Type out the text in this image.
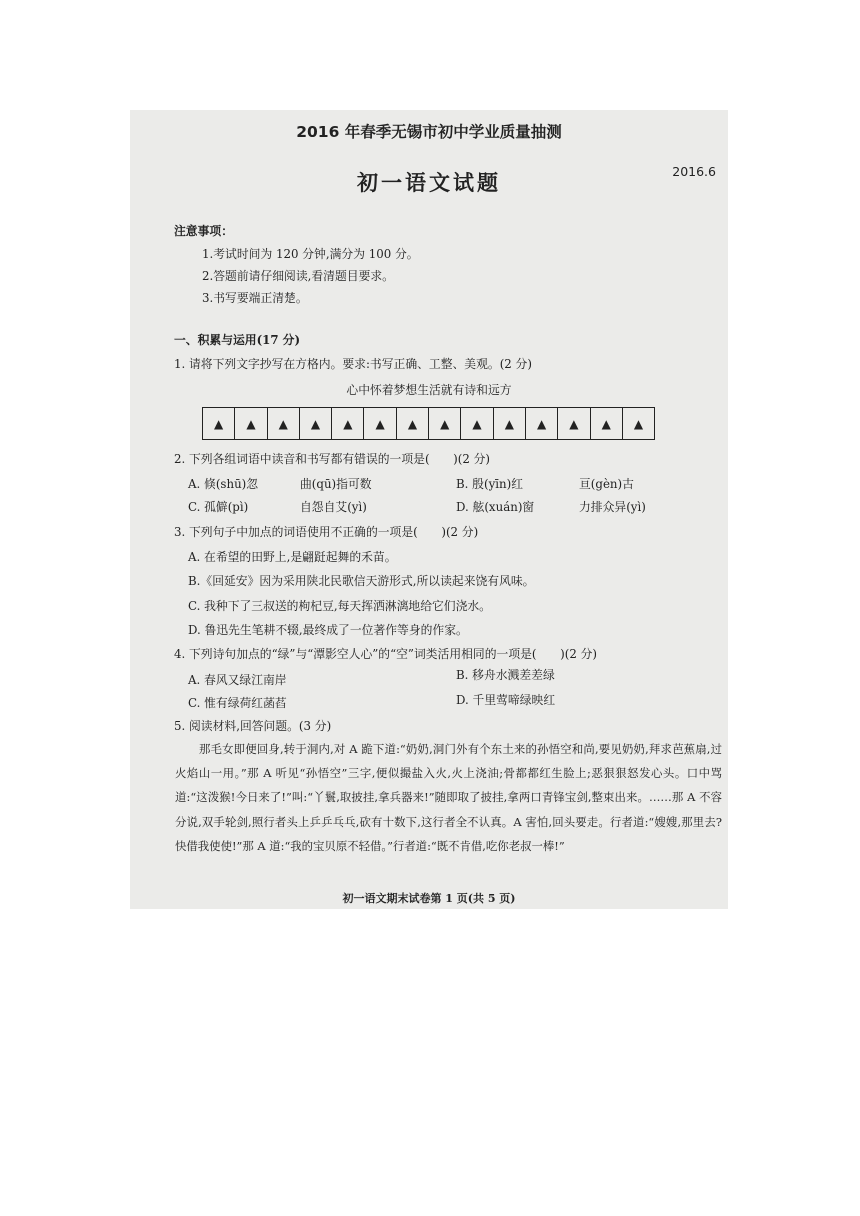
2016 年春季无锡市初中学业质量抽测
2016.6
初一语文试题
注意事项：
1.考试时间为 120 分钟,满分为 100 分。
2.答题前请仔细阅读,看清题目要求。
3.书写要端正清楚。
一、积累与运用(17 分)
1. 请将下列文字抄写在方格内。要求:书写正确、工整、美观。(2 分)
心中怀着梦想生活就有诗和远方
▲	▲	▲	▲	▲	▲	▲	▲	▲	▲	▲	▲	▲	▲
2. 下列各组词语中读音和书写都有错误的一项是(　　)(2 分)
A. 倏(shū)忽	曲(qū)指可数	B. 殷(yīn)红	亘(gèn)古
C. 孤僻(pì)	自怨自艾(yì)	D. 舷(xuán)窗	力排众异(yì)
3. 下列句子中加点的词语使用不正确的一项是(　　)(2 分)
A. 在希望的田野上,是翩跹起舞的禾苗。
B.《回延安》因为采用陕北民歌信天游形式,所以读起来饶有风味。
C. 我种下了三叔送的枸杞豆,每天挥洒淋漓地给它们浇水。
D. 鲁迅先生笔耕不辍,最终成了一位著作等身的作家。
4. 下列诗句加点的“绿”与“潭影空人心”的“空”词类活用相同的一项是(　　)(2 分)
A. 春风又绿江南岸	B. 移舟水溅差差绿
C. 惟有绿荷红菡萏	D. 千里莺啼绿映红
5. 阅读材料,回答问题。(3 分)

那毛女即便回身,转于洞内,对 A 跪下道:“奶奶,洞门外有个东土来的孙悟空和尚,要见奶奶,拜求芭蕉扇,过火焰山一用。”那 A 听见“孙悟空”三字,便似撮盐入火,火上浇油;骨都都红生脸上;恶狠狠怒发心头。口中骂道:“这泼猴!今日来了!”叫:“丫鬟,取披挂,拿兵器来!”随即取了披挂,拿两口青锋宝剑,整束出来。……那 A 不容分说,双手轮剑,照行者头上乒乒乓乓,砍有十数下,这行者全不认真。A 害怕,回头要走。行者道:“嫂嫂,那里去?快借我使使!”那 A 道:“我的宝贝原不轻借。”行者道:“既不肯借,吃你老叔一棒!”

初一语文期末试卷第 1 页(共 5 页)
